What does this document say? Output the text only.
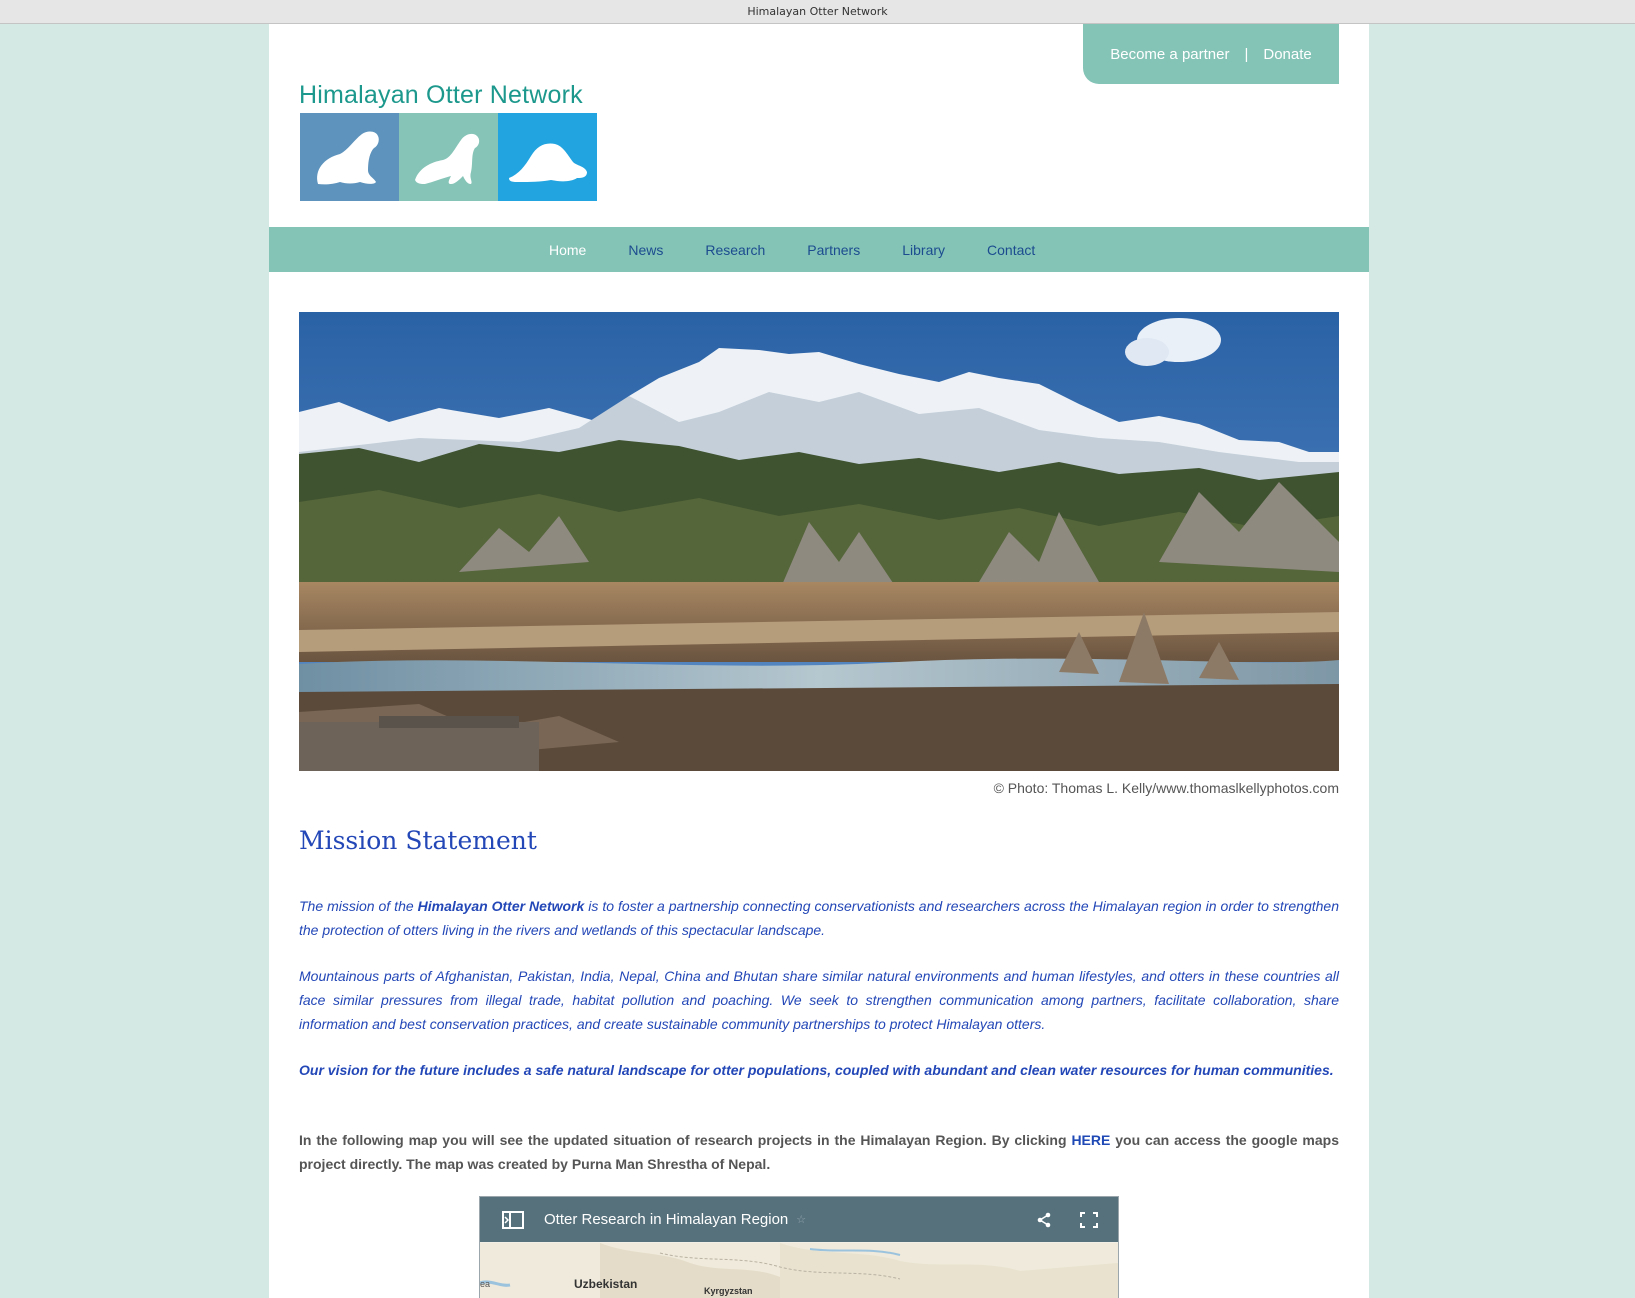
Himalayan Otter Network
Become a partner | Donate
Himalayan Otter Network
Home	News	Research	Partners	Library	Contact
© Photo: Thomas L. Kelly/www.thomaslkellyphotos.com
Mission Statement

The mission of the Himalayan Otter Network is to foster a partnership connecting conservationists and researchers across the Himalayan region in order to strengthen the protection of otters living in the rivers and wetlands of this spectacular landscape.

Mountainous parts of Afghanistan, Pakistan, India, Nepal, China and Bhutan share similar natural environments and human lifestyles, and otters in these countries all face similar pressures from illegal trade, habitat pollution and poaching. We seek to strengthen communication among partners, facilitate collaboration, share information and best conservation practices, and create sustainable community partnerships to protect Himalayan otters.

Our vision for the future includes a safe natural landscape for otter populations, coupled with abundant and clean water resources for human communities.

In the following map you will see the updated situation of research projects in the Himalayan Region. By clicking HERE you can access the google maps project directly. The map was created by Purna Man Shrestha of Nepal.

Otter Research in Himalayan Region ☆
ea	Uzbekistan	Kyrgyzstan
